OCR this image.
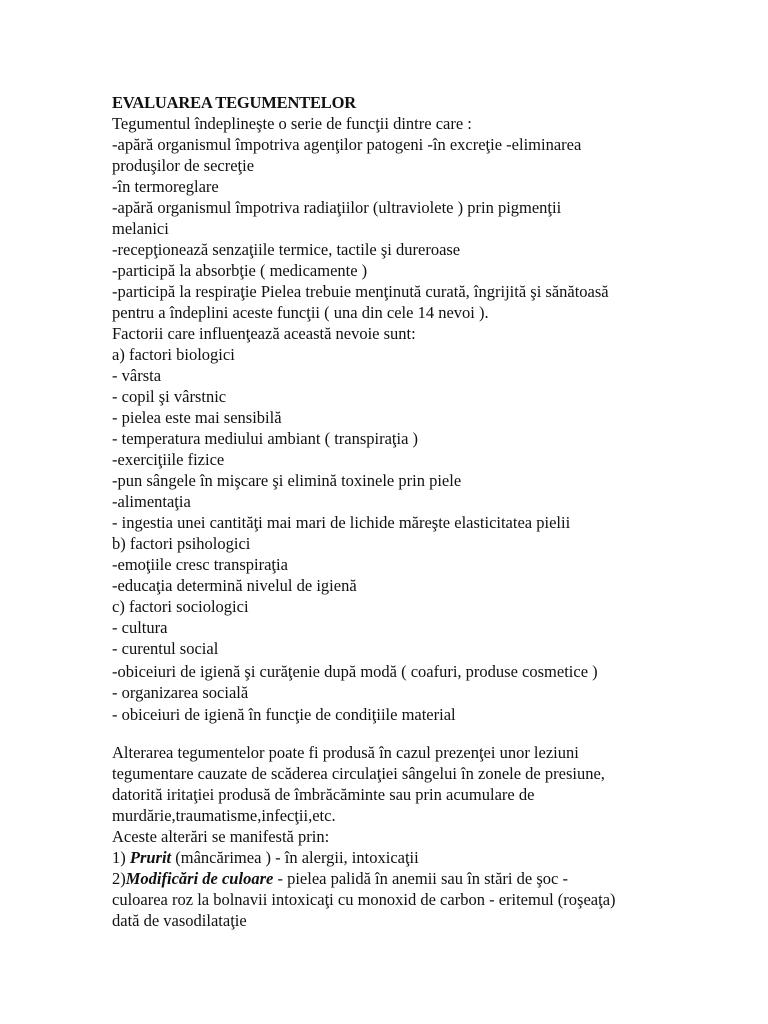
EVALUAREA TEGUMENTELOR

Tegumentul îndeplineşte o serie de funcţii dintre care :

-apără organismul împotriva agenţilor patogeni -în excreţie -eliminarea

produşilor de secreţie

-în termoreglare

-apără organismul împotriva radiaţiilor (ultraviolete ) prin pigmenţii

melanici

-recepţionează senzaţiile termice, tactile şi dureroase

-participă la absorbţie ( medicamente )

-participă la respiraţie Pielea trebuie menţinută curată, îngrijită şi sănătoasă

pentru a îndeplini aceste funcţii ( una din cele 14 nevoi ).

Factorii care influenţează această nevoie sunt:

a) factori biologici

- vârsta

- copil şi vârstnic

- pielea este mai sensibilă

- temperatura mediului ambiant ( transpiraţia )

-exerciţiile fizice

-pun sângele în mişcare şi elimină toxinele prin piele

-alimentaţia

- ingestia unei cantităţi mai mari de lichide măreşte elasticitatea pielii

b) factori psihologici

-emoţiile cresc transpiraţia

-educaţia determină nivelul de igienă

c) factori sociologici

- cultura

- curentul social

-obiceiuri de igienă şi curăţenie după modă ( coafuri, produse cosmetice )

- organizarea socială

- obiceiuri de igienă în funcţie de condiţiile material

Alterarea tegumentelor poate fi produsă în cazul prezenţei unor leziuni

tegumentare cauzate de scăderea circulaţiei sângelui în zonele de presiune,

datorită iritaţiei produsă de îmbrăcăminte sau prin acumulare de

murdărie,traumatisme,infecţii,etc.

Aceste alterări se manifestă prin:

1) Prurit (mâncărimea ) - în alergii, intoxicaţii

2)Modificări de culoare - pielea palidă în anemii sau în stări de şoc -

culoarea roz la bolnavii intoxicaţi cu monoxid de carbon - eritemul (roşeaţa)

dată de vasodilataţie
